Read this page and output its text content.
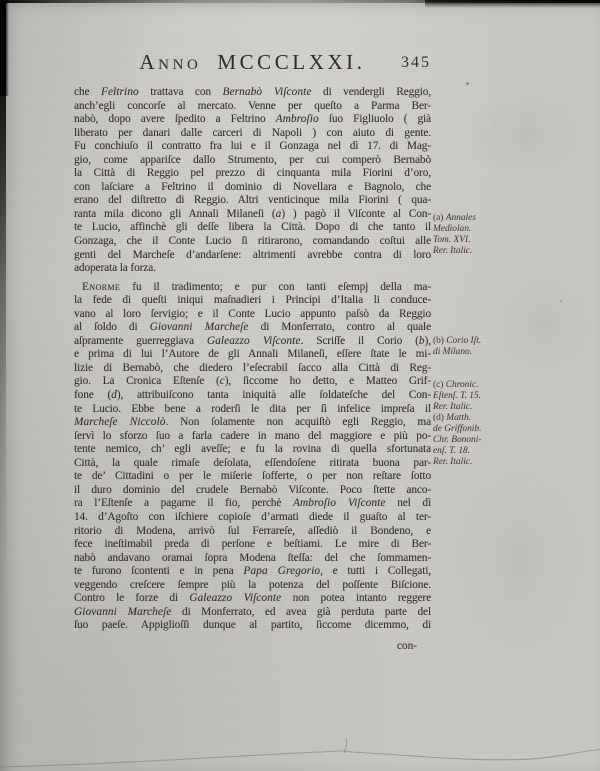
Anno MCCCLXXI. 345
che Feltrino trattava con Bernabò Viſconte di vendergli Reggio,
anch’egli concorſe al mercato. Venne per queſto a Parma Ber-
nabò, dopo avere ſpedito a Feltrino Ambroſio ſuo Figliuolo ( già
liberato per danari dalle carceri di Napoli ) con aiuto di gente.
Fu conchiuſo il contratto fra lui e il Gonzaga nel dì 17. di Mag-
gio, come appariſce dallo Strumento, per cui comperò Bernabò
la Città di Reggio pel prezzo di cinquanta mila Fiorini d’oro,
con laſciare a Feltrino il dominio di Novellara e Bagnolo, che
erano del diſtretto di Reggio. Altri venticinque mila Fiorini ( qua-
ranta mila dicono gli Annali Milaneſi (a) ) pagò il Viſconte al Con-
te Lucio, affinchè gli deſſe libera la Città. Dopo di che tanto il
Gonzaga, che il Conte Lucio ſi ritirarono, comandando coſtui alle
genti del Marcheſe d’andarſene: altrimenti avrebbe contra di loro
adoperata la forza.
Enorme fu il tradimento; e pur con tanti eſempj della ma-
la fede di queſti iniqui maſnadieri i Principi d’Italia li conduce-
vano al loro ſervigio; e il Conte Lucio appunto paſsò da Reggio
al ſoldo di Giovanni Marcheſe di Monferrato, contro al quale
aſpramente guerreggiava Galeazzo Viſconte. Scriſſe il Corio (b),
e prima di lui l’Autore de gli Annali Milaneſi, eſſere ſtate le mi-
lizie di Bernabò, che diedero l’eſecrabil ſacco alla Città di Reg-
gio. La Cronica Eſtenſe (c), ſiccome ho detto, e Matteo Grif-
fone (d), attribuiſcono tanta iniquità alle ſoldateſche del Con-
te Lucio. Ebbe bene a roderſi le dita per ſì infelice impreſa il
Marcheſe Niccolò. Non ſolamente non acquiſtò egli Reggio, ma
ſervì lo sforzo ſuo a farla cadere in mano del maggiore e più po-
tente nemico, ch’ egli aveſſe; e fu la rovina di quella sfortunata
Città, la quale rimaſe deſolata, eſſendoſene ritirata buona par-
te de’ Cittadini o per le miſerie ſofferte, o per non reſtare ſotto
il duro dominio del crudele Bernabò Viſconte. Poco ſtette anco-
ra l’Eſtenſe a pagarne il fio, perchè Ambroſio Viſconte nel dì
14. d’Agoſto con iſchiere copioſe d’armati diede il guaſto al ter-
ritorio di Modena, arrivò ſul Ferrareſe, aſſediò il Bondeno, e
fece ineſtimabil preda di perſone e beſtiami. Le mire di Ber-
nabò andavano oramai ſopra Modena ſteſſa: del che ſommamen-
te furono ſcontenti e in pena Papa Gregorio, e tutti i Collegati,
veggendo creſcere ſempre più la potenza del poſſente Biſcione.
Contro le forze di Galeazzo Viſconte non potea intanto reggere
Giovanni Marcheſe di Monferrato, ed avea già perduta parte del
ſuo paeſe. Appiglioſſi dunque al partito, ſiccome dicemmo, di
con-
(a) Annales
Mediolan.
Tom. XVI.
Rer. Italic.
(b) Corio Iſt.
di Milano.
(c) Chronic.
Eſtenſ. T. 15.
Rer. Italic.
(d) Matth.
de Griffonib.
Chr. Bononi-
enſ. T. 18.
Rer. Italic.
